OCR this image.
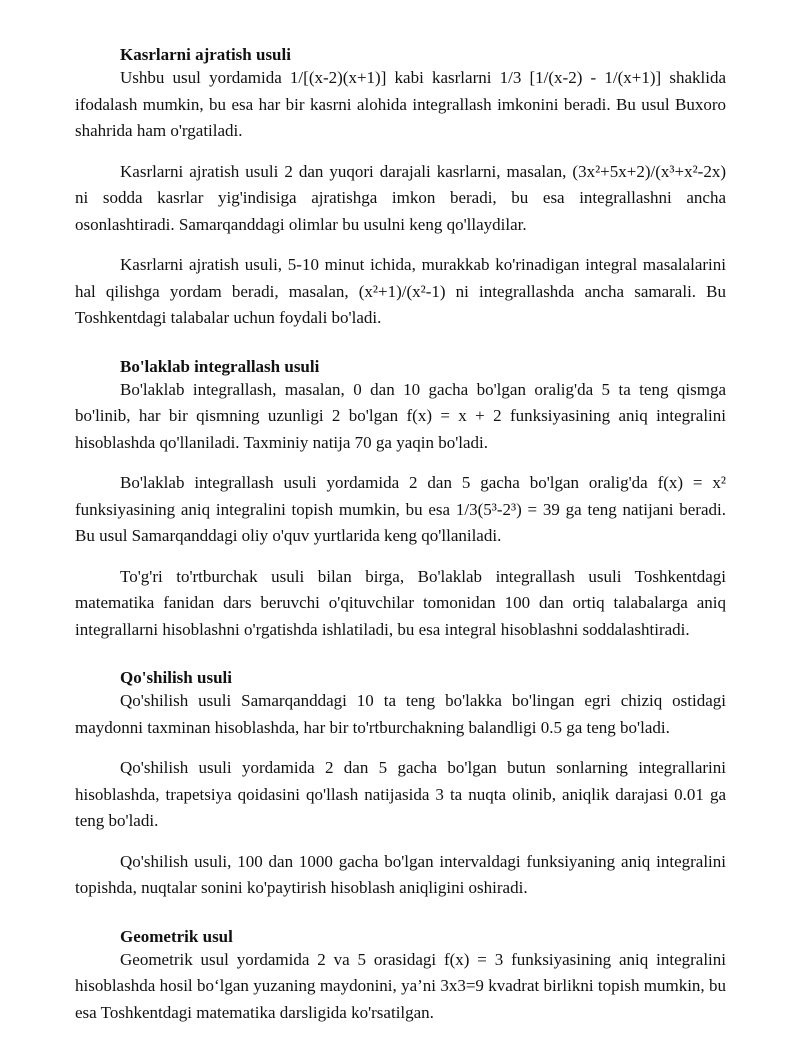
Kasrlarni ajratish usuli

Ushbu usul yordamida 1/[(x-2)(x+1)] kabi kasrlarni 1/3 [1/(x-2) - 1/(x+1)] shaklida ifodalash mumkin, bu esa har bir kasrni alohida integrallash imkonini beradi. Bu usul Buxoro shahrida ham o'rgatiladi.

Kasrlarni ajratish usuli 2 dan yuqori darajali kasrlarni, masalan, (3x²+5x+2)/(x³+x²-2x) ni sodda kasrlar yig'indisiga ajratishga imkon beradi, bu esa integrallashni ancha osonlashtiradi. Samarqanddagi olimlar bu usulni keng qo'llaydilar.

Kasrlarni ajratish usuli, 5-10 minut ichida, murakkab ko'rinadigan integral masalalarini hal qilishga yordam beradi, masalan, (x²+1)/(x²-1) ni integrallashda ancha samarali. Bu Toshkentdagi talabalar uchun foydali bo'ladi.

Bo'laklab integrallash usuli

Bo'laklab integrallash, masalan, 0 dan 10 gacha bo'lgan oralig'da 5 ta teng qismga bo'linib, har bir qismning uzunligi 2 bo'lgan f(x) = x + 2 funksiyasining aniq integralini hisoblashda qo'llaniladi. Taxminiy natija 70 ga yaqin bo'ladi.

Bo'laklab integrallash usuli yordamida 2 dan 5 gacha bo'lgan oralig'da f(x) = x² funksiyasining aniq integralini topish mumkin, bu esa 1/3(5³-2³) = 39 ga teng natijani beradi. Bu usul Samarqanddagi oliy o'quv yurtlarida keng qo'llaniladi.

To'g'ri to'rtburchak usuli bilan birga, Bo'laklab integrallash usuli Toshkentdagi matematika fanidan dars beruvchi o'qituvchilar tomonidan 100 dan ortiq talabalarga aniq integrallarni hisoblashni o'rgatishda ishlatiladi, bu esa integral hisoblashni soddalashtiradi.

Qo'shilish usuli

Qo'shilish usuli Samarqanddagi 10 ta teng bo'lakka bo'lingan egri chiziq ostidagi maydonni taxminan hisoblashda, har bir to'rtburchakning balandligi 0.5 ga teng bo'ladi.

Qo'shilish usuli yordamida 2 dan 5 gacha bo'lgan butun sonlarning integrallarini hisoblashda, trapetsiya qoidasini qo'llash natijasida 3 ta nuqta olinib, aniqlik darajasi 0.01 ga teng bo'ladi.

Qo'shilish usuli, 100 dan 1000 gacha bo'lgan intervaldagi funksiyaning aniq integralini topishda, nuqtalar sonini ko'paytirish hisoblash aniqligini oshiradi.

Geometrik usul

Geometrik usul yordamida 2 va 5 orasidagi f(x) = 3 funksiyasining aniq integralini hisoblashda hosil bo‘lgan yuzaning maydonini, ya’ni 3x3=9 kvadrat birlikni topish mumkin, bu esa Toshkentdagi matematika darsligida ko'rsatilgan.
